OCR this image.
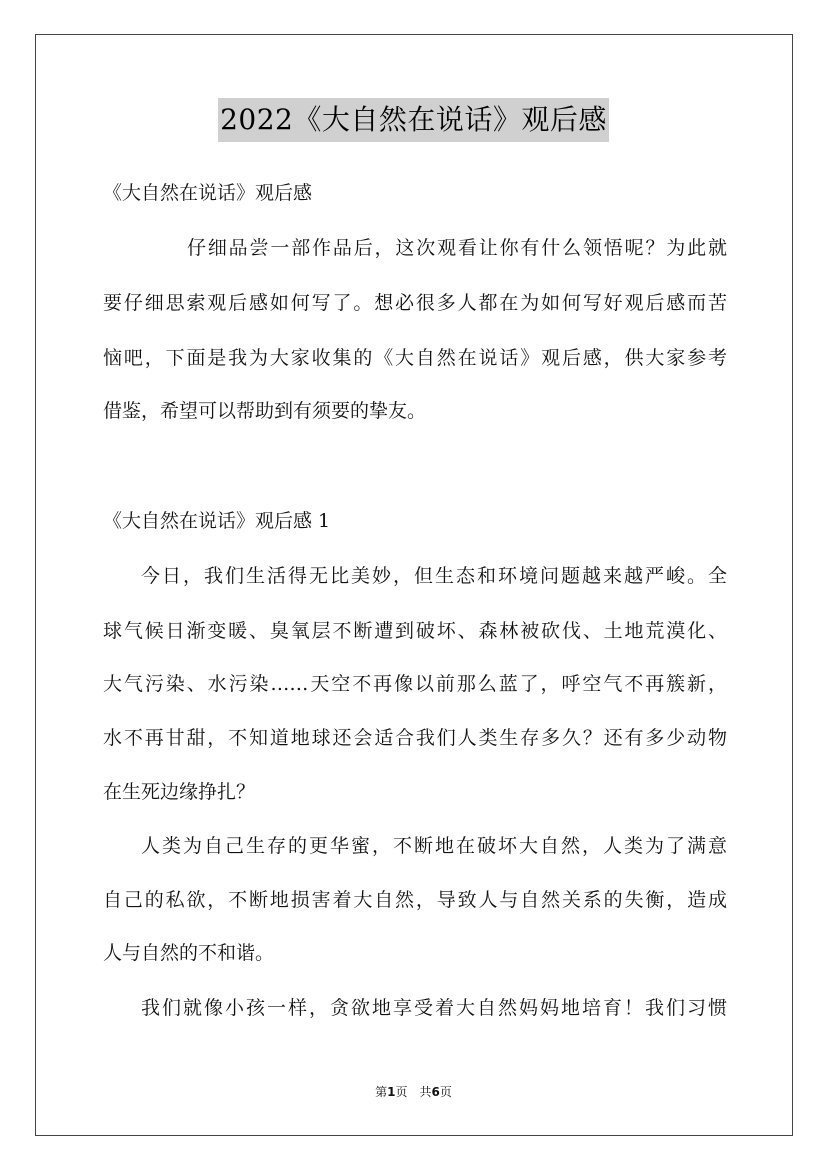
2022《大自然在说话》观后感
《大自然在说话》观后感
仔细品尝一部作品后，这次观看让你有什么领悟呢？为此就
要仔细思索观后感如何写了。想必很多人都在为如何写好观后感而苦
恼吧，下面是我为大家收集的《大自然在说话》观后感，供大家参考
借鉴，希望可以帮助到有须要的挚友。
《大自然在说话》观后感 1
今日，我们生活得无比美妙，但生态和环境问题越来越严峻。全
球气候日渐变暖、臭氧层不断遭到破坏、森林被砍伐、土地荒漠化、
大气污染、水污染……天空不再像以前那么蓝了，呼空气不再簇新，
水不再甘甜，不知道地球还会适合我们人类生存多久？还有多少动物
在生死边缘挣扎？
人类为自己生存的更华蜜，不断地在破坏大自然，人类为了满意
自己的私欲，不断地损害着大自然，导致人与自然关系的失衡，造成
人与自然的不和谐。
我们就像小孩一样，贪欲地享受着大自然妈妈地培育！我们习惯
第1页　共6页
